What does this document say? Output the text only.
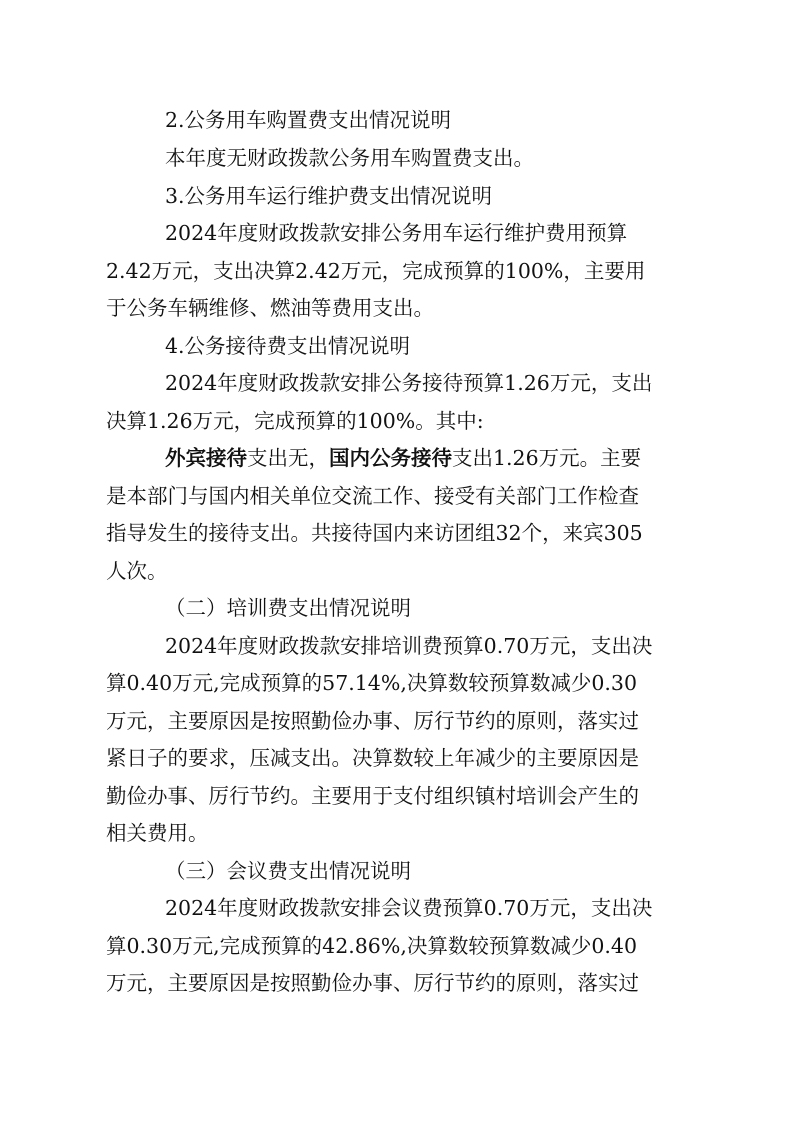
2.公务用车购置费支出情况说明
本年度无财政拨款公务用车购置费支出。
3.公务用车运行维护费支出情况说明
2024年度财政拨款安排公务用车运行维护费用预算
2.42万元，支出决算2.42万元，完成预算的100%，主要用
于公务车辆维修、燃油等费用支出。
4.公务接待费支出情况说明
2024年度财政拨款安排公务接待预算1.26万元，支出
决算1.26万元，完成预算的100%。其中:
外宾接待支出无，国内公务接待支出1.26万元。主要
是本部门与国内相关单位交流工作、接受有关部门工作检查
指导发生的接待支出。共接待国内来访团组32个，来宾305
人次。
（二）培训费支出情况说明
2024年度财政拨款安排培训费预算0.70万元，支出决
算0.40万元,完成预算的57.14%,决算数较预算数减少0.30
万元，主要原因是按照勤俭办事、厉行节约的原则，落实过
紧日子的要求，压减支出。决算数较上年减少的主要原因是
勤俭办事、厉行节约。主要用于支付组织镇村培训会产生的
相关费用。
（三）会议费支出情况说明
2024年度财政拨款安排会议费预算0.70万元，支出决
算0.30万元,完成预算的42.86%,决算数较预算数减少0.40
万元，主要原因是按照勤俭办事、厉行节约的原则，落实过
